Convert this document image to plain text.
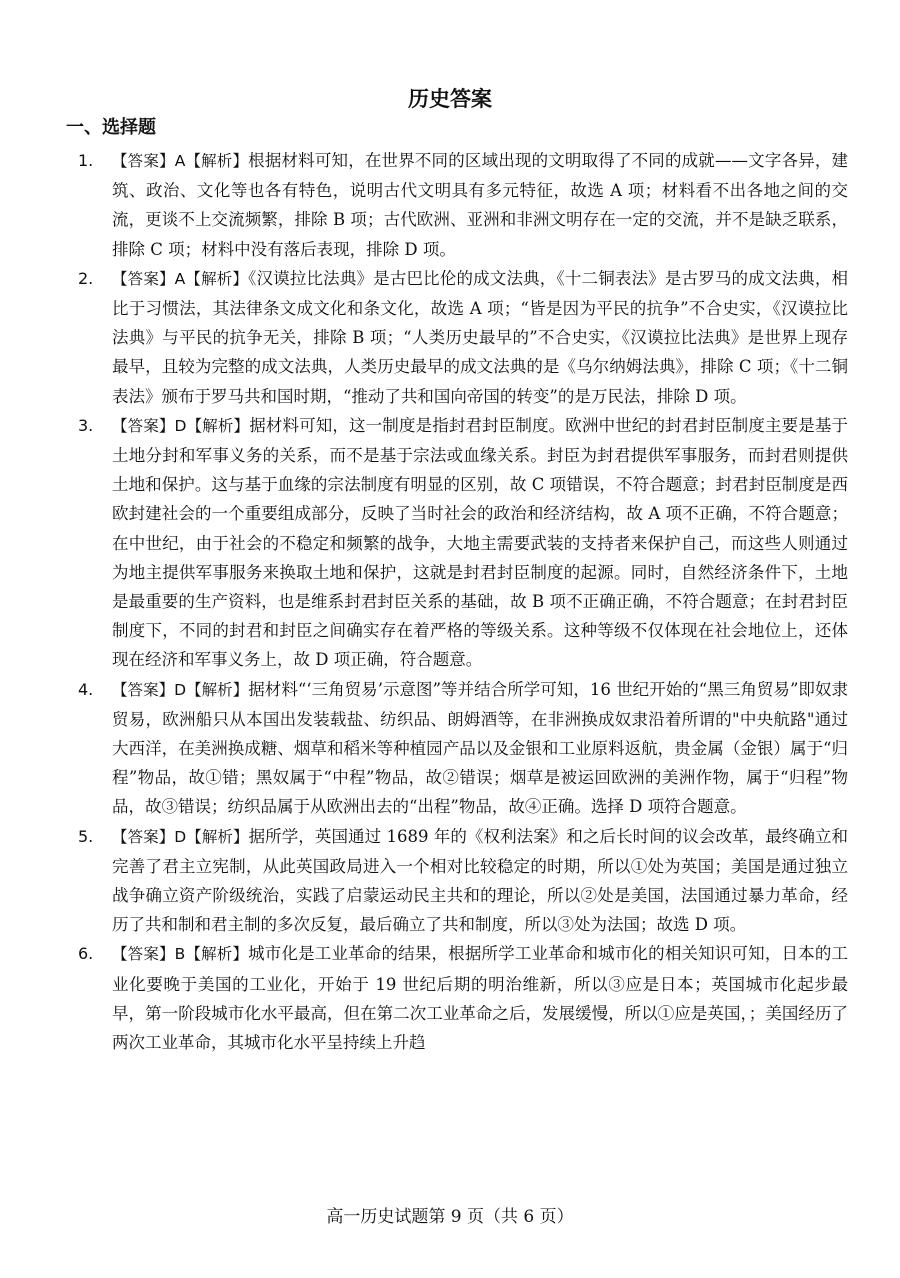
历史答案
一、选择题

1. 【答案】A【解析】根据材料可知，在世界不同的区域出现的文明取得了不同的成就——文字各异，建筑、政治、文化等也各有特色，说明古代文明具有多元特征，故选 A 项；材料看不出各地之间的交流，更谈不上交流频繁，排除 B 项；古代欧洲、亚洲和非洲文明存在一定的交流，并不是缺乏联系，排除 C 项；材料中没有落后表现，排除 D 项。

2. 【答案】A【解析】《汉谟拉比法典》是古巴比伦的成文法典，《十二铜表法》是古罗马的成文法典，相比于习惯法，其法律条文成文化和条文化，故选 A 项；“皆是因为平民的抗争”不合史实，《汉谟拉比法典》与平民的抗争无关，排除 B 项；“人类历史最早的”不合史实，《汉谟拉比法典》是世界上现存最早，且较为完整的成文法典，人类历史最早的成文法典的是《乌尔纳姆法典》，排除 C 项；《十二铜表法》颁布于罗马共和国时期，“推动了共和国向帝国的转变”的是万民法，排除 D 项。

3. 【答案】D【解析】据材料可知，这一制度是指封君封臣制度。欧洲中世纪的封君封臣制度主要是基于土地分封和军事义务的关系，而不是基于宗法或血缘关系。封臣为封君提供军事服务，而封君则提供土地和保护。这与基于血缘的宗法制度有明显的区别，故 C 项错误，不符合题意；封君封臣制度是西欧封建社会的一个重要组成部分，反映了当时社会的政治和经济结构，故 A 项不正确，不符合题意；在中世纪，由于社会的不稳定和频繁的战争，大地主需要武装的支持者来保护自己，而这些人则通过为地主提供军事服务来换取土地和保护，这就是封君封臣制度的起源。同时，自然经济条件下，土地是最重要的生产资料，也是维系封君封臣关系的基础，故 B 项不正确正确，不符合题意；在封君封臣制度下，不同的封君和封臣之间确实存在着严格的等级关系。这种等级不仅体现在社会地位上，还体现在经济和军事义务上，故 D 项正确，符合题意。

4. 【答案】D【解析】据材料“‘三角贸易’示意图”等并结合所学可知，16 世纪开始的“黑三角贸易”即奴隶贸易，欧洲船只从本国出发装载盐、纺织品、朗姆酒等，在非洲换成奴隶沿着所谓的"中央航路"通过大西洋，在美洲换成糖、烟草和稻米等种植园产品以及金银和工业原料返航，贵金属（金银）属于“归程”物品，故①错；黑奴属于“中程”物品，故②错误；烟草是被运回欧洲的美洲作物，属于“归程”物品，故③错误；纺织品属于从欧洲出去的“出程”物品，故④正确。选择 D 项符合题意。

5. 【答案】D【解析】据所学，英国通过 1689 年的《权利法案》和之后长时间的议会改革，最终确立和完善了君主立宪制，从此英国政局进入一个相对比较稳定的时期，所以①处为英国；美国是通过独立战争确立资产阶级统治，实践了启蒙运动民主共和的理论，所以②处是美国，法国通过暴力革命，经历了共和制和君主制的多次反复，最后确立了共和制度，所以③处为法国；故选 D 项。

6. 【答案】B【解析】城市化是工业革命的结果，根据所学工业革命和城市化的相关知识可知，日本的工业化要晚于美国的工业化，开始于 19 世纪后期的明治维新，所以③应是日本；英国城市化起步最早，第一阶段城市化水平最高，但在第二次工业革命之后，发展缓慢，所以①应是英国，；美国经历了两次工业革命，其城市化水平呈持续上升趋

高一历史试题第 9 页（共 6 页）
